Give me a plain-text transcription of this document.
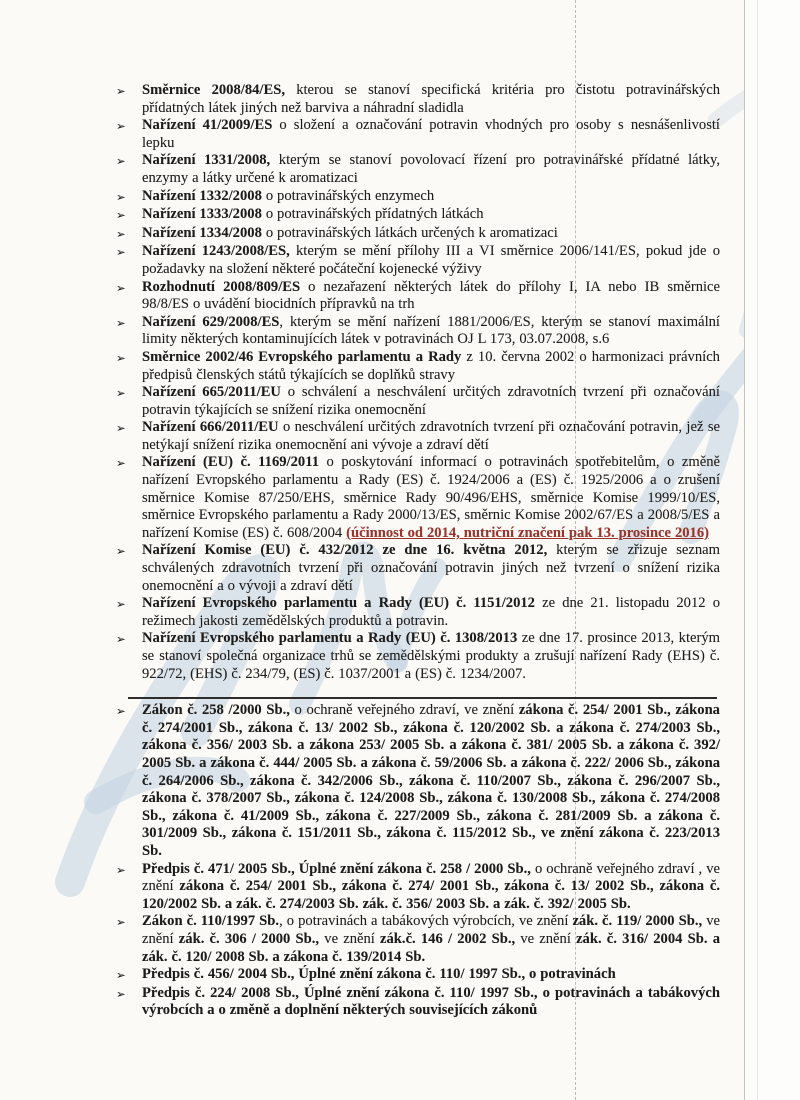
➢	Směrnice 2008/84/ES, kterou se stanoví specifická kritéria pro čistotu potravinářských přídatných látek jiných než barviva a náhradní sladidla
➢	Nařízení 41/2009/ES o složení a označování potravin vhodných pro osoby s nesnášenlivostí lepku
➢	Nařízení 1331/2008, kterým se stanoví povolovací řízení pro potravinářské přídatné látky, enzymy a látky určené k aromatizaci
➢	Nařízení 1332/2008 o potravinářských enzymech
➢	Nařízení 1333/2008 o potravinářských přídatných látkách
➢	Nařízení 1334/2008 o potravinářských látkách určených k aromatizaci
➢	Nařízení 1243/2008/ES, kterým se mění přílohy III a VI směrnice 2006/141/ES, pokud jde o požadavky na složení některé počáteční kojenecké výživy
➢	Rozhodnutí 2008/809/ES o nezařazení některých látek do přílohy I, IA nebo IB směrnice 98/8/ES o uvádění biocidních přípravků na trh
➢	Nařízení 629/2008/ES, kterým se mění nařízení 1881/2006/ES, kterým se stanoví maximální limity některých kontaminujících látek v potravinách OJ L 173, 03.07.2008, s.6
➢	Směrnice 2002/46 Evropského parlamentu a Rady z 10. června 2002 o harmonizaci právních předpisů členských států týkajících se doplňků stravy
➢	Nařízení 665/2011/EU o schválení a neschválení určitých zdravotních tvrzení při označování potravin týkajících se snížení rizika onemocnění
➢	Nařízení 666/2011/EU o neschválení určitých zdravotních tvrzení při označování potravin, jež se netýkají snížení rizika onemocnění ani vývoje a zdraví dětí
➢	Nařízení (EU) č. 1169/2011 o poskytování informací o potravinách spotřebitelům, o změně nařízení Evropského parlamentu a Rady (ES) č. 1924/2006 a (ES) č. 1925/2006 a o zrušení směrnice Komise 87/250/EHS, směrnice Rady 90/496/EHS, směrnice Komise 1999/10/ES, směrnice Evropského parlamentu a Rady 2000/13/ES, směrnic Komise 2002/67/ES a 2008/5/ES a nařízení Komise (ES) č. 608/2004 (účinnost od 2014, nutriční značení pak 13. prosince 2016)
➢	Nařízení Komise (EU) č. 432/2012 ze dne 16. května 2012, kterým se zřizuje seznam schválených zdravotních tvrzení při označování potravin jiných než tvrzení o snížení rizika onemocnění a o vývoji a zdraví dětí
➢	Nařízení Evropského parlamentu a Rady (EU) č. 1151/2012 ze dne 21. listopadu 2012 o režimech jakosti zemědělských produktů a potravin.
➢	Nařízení Evropského parlamentu a Rady (EU) č. 1308/2013 ze dne 17. prosince 2013, kterým se stanoví společná organizace trhů se zemědělskými produkty a zrušují nařízení Rady (EHS) č. 922/72, (EHS) č. 234/79, (ES) č. 1037/2001 a (ES) č. 1234/2007.
➢	Zákon č. 258 /2000 Sb., o ochraně veřejného zdraví, ve znění zákona č. 254/ 2001 Sb., zákona č. 274/2001 Sb., zákona č. 13/ 2002 Sb., zákona č. 120/2002 Sb. a zákona č. 274/2003 Sb., zákona č. 356/ 2003 Sb. a zákona 253/ 2005 Sb. a zákona č. 381/ 2005 Sb. a zákona č. 392/ 2005 Sb. a zákona č. 444/ 2005 Sb. a zákona č. 59/2006 Sb. a zákona č. 222/ 2006 Sb., zákona č. 264/2006 Sb., zákona č. 342/2006 Sb., zákona č. 110/2007 Sb., zákona č. 296/2007 Sb., zákona č. 378/2007 Sb., zákona č. 124/2008 Sb., zákona č. 130/2008 Sb., zákona č. 274/2008 Sb., zákona č. 41/2009 Sb., zákona č. 227/2009 Sb., zákona č. 281/2009 Sb. a zákona č. 301/2009 Sb., zákona č. 151/2011 Sb., zákona č. 115/2012 Sb., ve znění zákona č. 223/2013 Sb.
➢	Předpis č. 471/ 2005 Sb., Úplné znění zákona č. 258 / 2000 Sb., o ochraně veřejného zdraví , ve znění zákona č. 254/ 2001 Sb., zákona č. 274/ 2001 Sb., zákona č. 13/ 2002 Sb., zákona č. 120/2002 Sb. a zák. č. 274/2003 Sb. zák. č. 356/ 2003 Sb. a zák. č. 392/ 2005 Sb.
➢	Zákon č. 110/1997 Sb., o potravinách a tabákových výrobcích, ve znění zák. č. 119/ 2000 Sb., ve znění zák. č. 306 / 2000 Sb., ve znění zák.č. 146 / 2002 Sb., ve znění zák. č. 316/ 2004 Sb. a zák. č. 120/ 2008 Sb. a zákona č. 139/2014 Sb.
➢	Předpis č. 456/ 2004 Sb., Úplné znění zákona č. 110/ 1997 Sb., o potravinách
➢	Předpis č. 224/ 2008 Sb., Úplné znění zákona č. 110/ 1997 Sb., o potravinách a tabákových výrobcích a o změně a doplnění některých souvisejících zákonů
